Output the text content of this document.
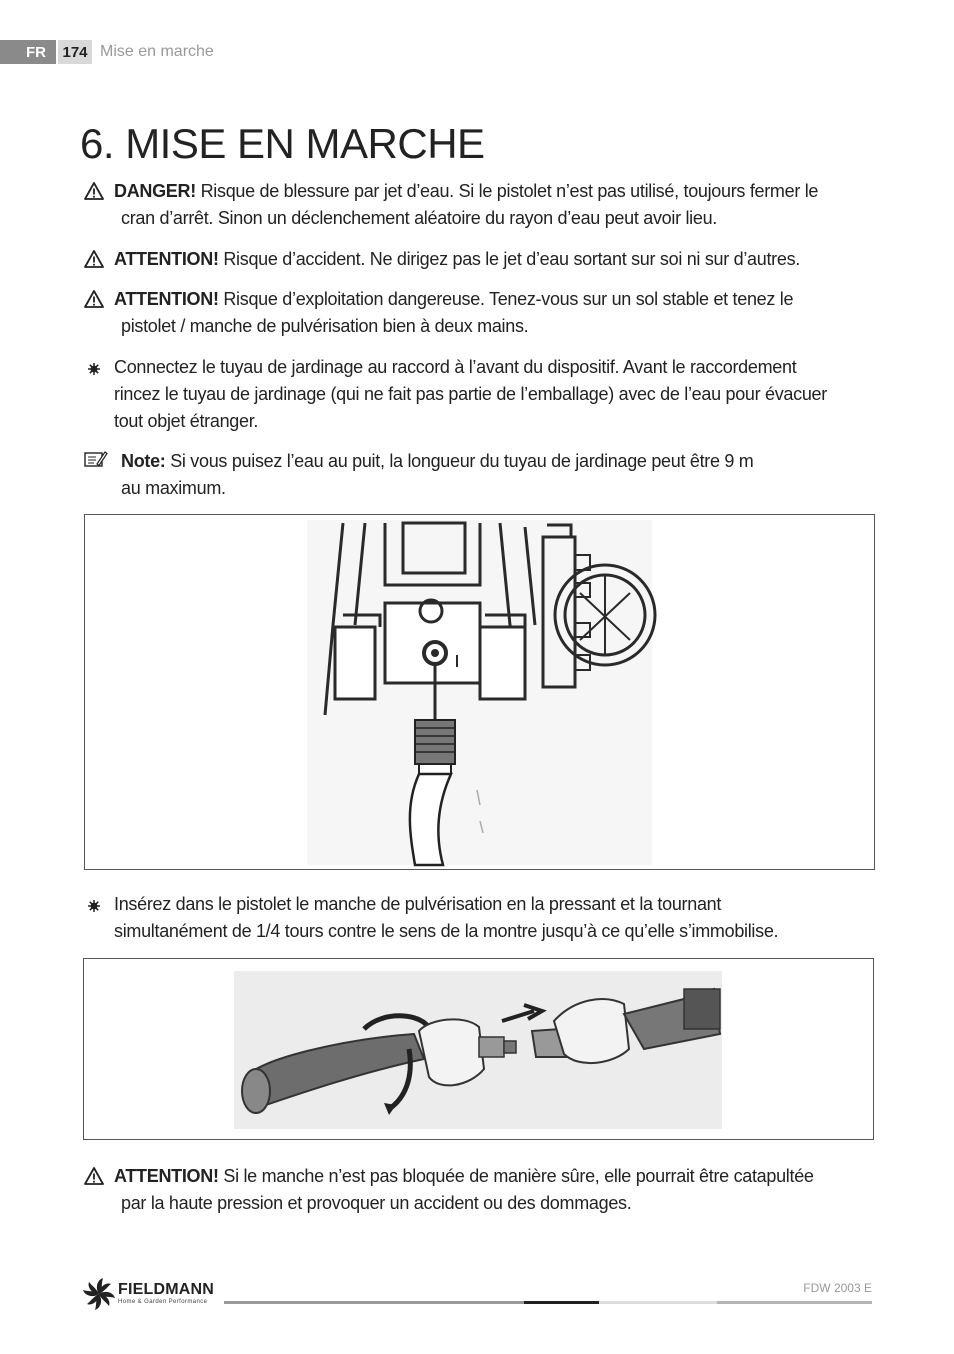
FR	174 Mise en marche
6. MISE EN MARCHE
DANGER! Risque de blessure par jet d’eau. Si le pistolet n’est pas utilisé, toujours fermer le
cran d’arrêt. Sinon un déclenchement aléatoire du rayon d’eau peut avoir lieu.
ATTENTION! Risque d’accident. Ne dirigez pas le jet d’eau sortant sur soi ni sur d’autres.
ATTENTION! Risque d’exploitation dangereuse. Tenez-vous sur un sol stable et tenez le
pistolet / manche de pulvérisation bien à deux mains.
Connectez le tuyau de jardinage au raccord à l’avant du dispositif. Avant le raccordement
rincez le tuyau de jardinage (qui ne fait pas partie de l’emballage) avec de l’eau pour évacuer
tout objet étranger.
Note: Si vous puisez l’eau au puit, la longueur du tuyau de jardinage peut être 9 m
au maximum.
Insérez dans le pistolet le manche de pulvérisation en la pressant et la tournant
simultanément de 1/4 tours contre le sens de la montre jusqu’à ce qu’elle s’immobilise.
ATTENTION! Si le manche n’est pas bloquée de manière sûre, elle pourrait être catapultée
par la haute pression et provoquer un accident ou des dommages.
FIELDMANN
Home & Garden Performance
FDW 2003 E
